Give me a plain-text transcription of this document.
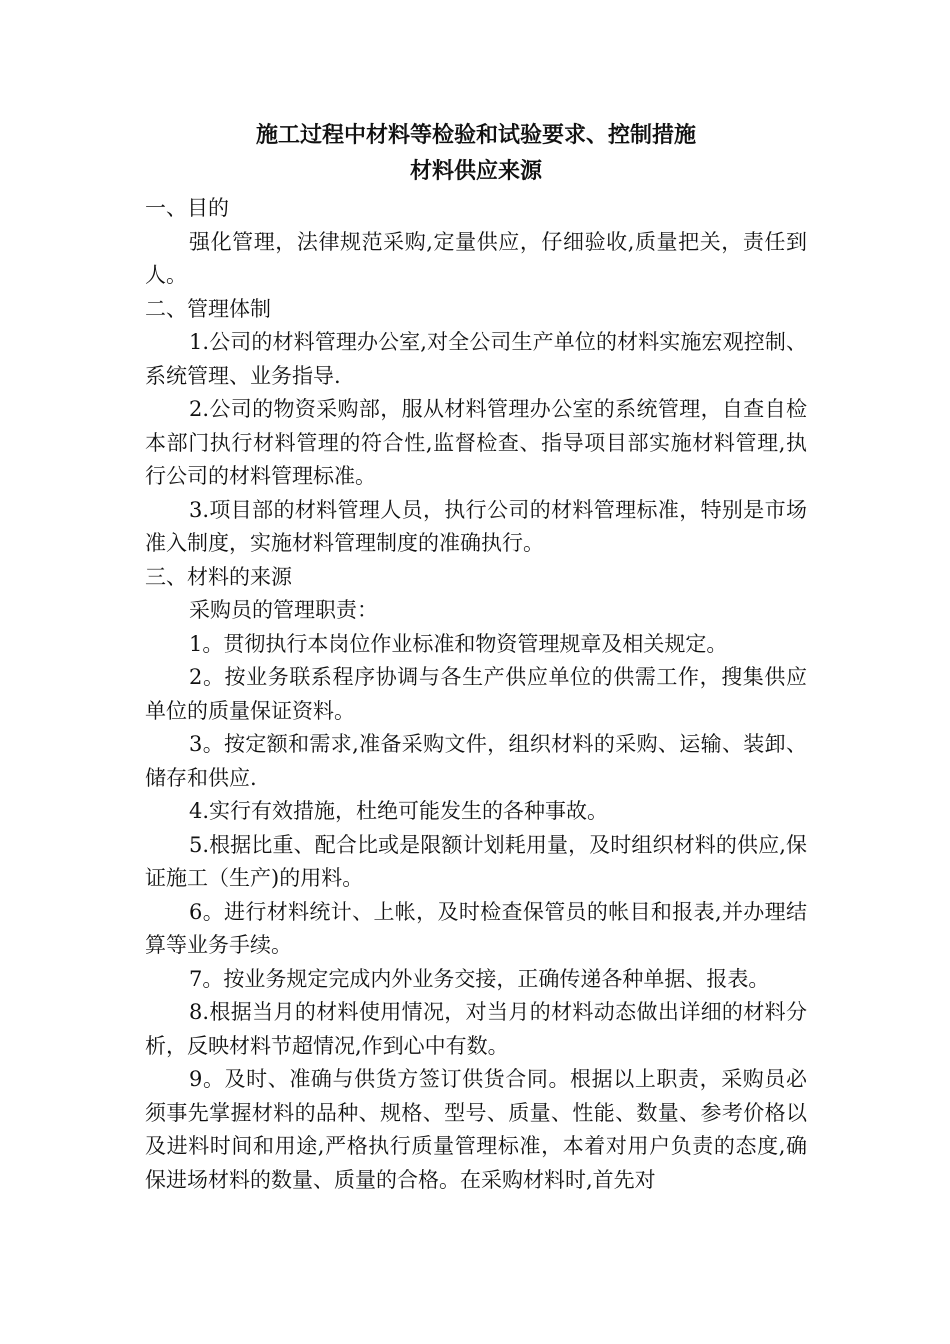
施工过程中材料等检验和试验要求、控制措施

材料供应来源

一、目的

强化管理，法律规范采购,定量供应，仔细验收,质量把关，责任到人。

二、管理体制

1.公司的材料管理办公室,对全公司生产单位的材料实施宏观控制、系统管理、业务指导.

2.公司的物资采购部，服从材料管理办公室的系统管理，自查自检本部门执行材料管理的符合性,监督检查、指导项目部实施材料管理,执行公司的材料管理标准。

3.项目部的材料管理人员，执行公司的材料管理标准，特别是市场准入制度，实施材料管理制度的准确执行。

三、材料的来源

采购员的管理职责：

1。贯彻执行本岗位作业标准和物资管理规章及相关规定。

2。按业务联系程序协调与各生产供应单位的供需工作，搜集供应单位的质量保证资料。

3。按定额和需求,准备采购文件，组织材料的采购、运输、装卸、储存和供应.

4.实行有效措施，杜绝可能发生的各种事故。

5.根据比重、配合比或是限额计划耗用量，及时组织材料的供应,保证施工（生产)的用料。

6。进行材料统计、上帐，及时检查保管员的帐目和报表,并办理结算等业务手续。

7。按业务规定完成内外业务交接，正确传递各种单据、报表。

8.根据当月的材料使用情况，对当月的材料动态做出详细的材料分析，反映材料节超情况,作到心中有数。

9。及时、准确与供货方签订供货合同。根据以上职责，采购员必须事先掌握材料的品种、规格、型号、质量、性能、数量、参考价格以及进料时间和用途,严格执行质量管理标准，本着对用户负责的态度,确保进场材料的数量、质量的合格。在采购材料时,首先对
